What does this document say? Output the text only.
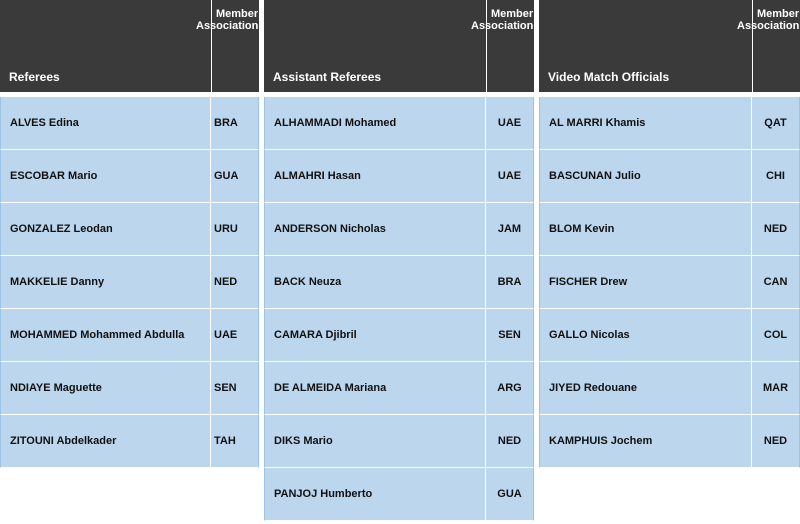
Referees
Member
Association
ALVES Edina	BRA
ESCOBAR Mario	GUA
GONZALEZ Leodan	URU
MAKKELIE Danny	NED
MOHAMMED Mohammed Abdulla	UAE
NDIAYE Maguette	SEN
ZITOUNI Abdelkader	TAH
Assistant Referees
Member
Association
ALHAMMADI Mohamed	UAE
ALMAHRI Hasan	UAE
ANDERSON Nicholas	JAM
BACK Neuza	BRA
CAMARA Djibril	SEN
DE ALMEIDA Mariana	ARG
DIKS Mario	NED
PANJOJ Humberto	GUA
Video Match Officials
Member
Association
AL MARRI Khamis	QAT
BASCUNAN Julio	CHI
BLOM Kevin	NED
FISCHER Drew	CAN
GALLO Nicolas	COL
JIYED Redouane	MAR
KAMPHUIS Jochem	NED
